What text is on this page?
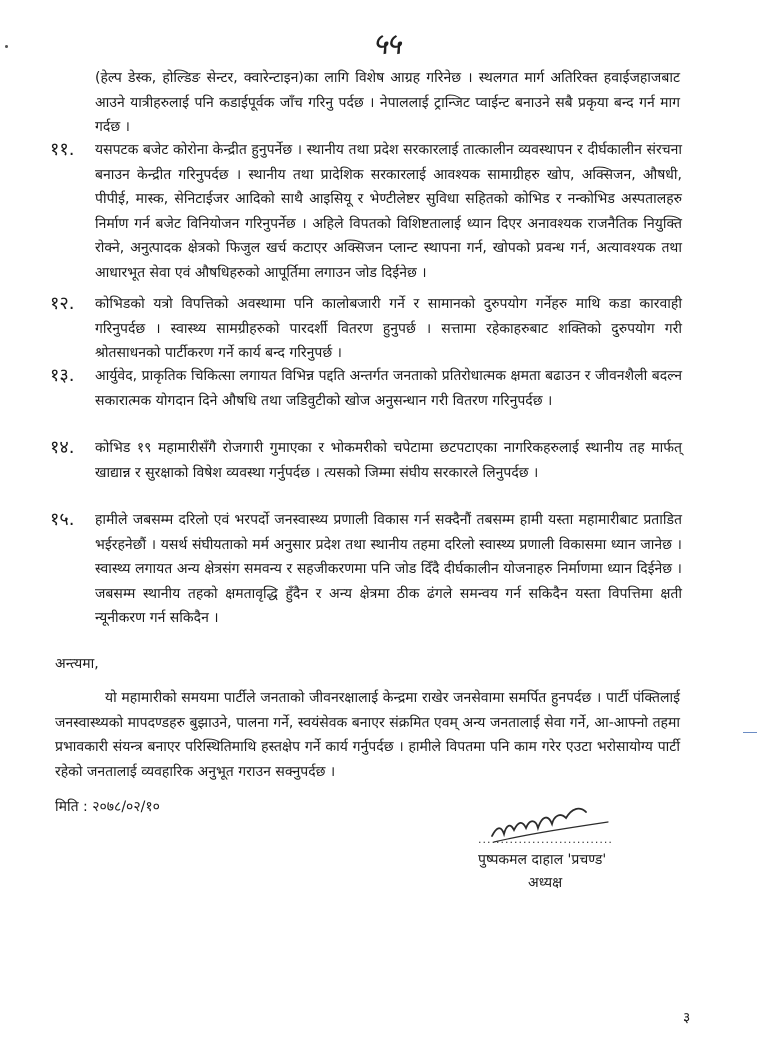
५५
(हेल्प डेस्क, होल्डिङ सेन्टर, क्वारेन्टाइन)का लागि विशेष आग्रह गरिनेछ । स्थलगत मार्ग अतिरिक्त हवाईजहाजबाट आउने यात्रीहरुलाई पनि कडाईपूर्वक जाँच गरिनु पर्दछ । नेपाललाई ट्रान्जिट प्वाईन्ट बनाउने सबै प्रकृया बन्द गर्न माग गर्दछ ।
११.	यसपटक बजेट कोरोना केन्द्रीत हुनुपर्नेछ । स्थानीय तथा प्रदेश सरकारलाई तात्कालीन व्यवस्थापन र दीर्घकालीन संरचना बनाउन केन्द्रीत गरिनुपर्दछ । स्थानीय तथा प्रादेशिक सरकारलाई आवश्यक सामाग्रीहरु खोप, अक्सिजन, औषधी, पीपीई, मास्क, सेनिटाईजर आदिको साथै आइसियू र भेण्टीलेष्टर सुविधा सहितको कोभिड र नन्कोभिड अस्पतालहरु निर्माण गर्न बजेट विनियोजन गरिनुपर्नेछ । अहिले विपतको विशिष्टतालाई ध्यान दिएर अनावश्यक राजनैतिक नियुक्ति रोक्ने, अनुत्पादक क्षेत्रको फिजुल खर्च कटाएर अक्सिजन प्लान्ट स्थापना गर्न, खोपको प्रवन्ध गर्न, अत्यावश्यक तथा आधारभूत सेवा एवं औषधिहरुको आपूर्तिमा लगाउन जोड दिईनेछ ।
१२.	कोभिडको यत्रो विपत्तिको अवस्थामा पनि कालोबजारी गर्ने र सामानको दुरुपयोग गर्नेहरु माथि कडा कारवाही गरिनुपर्दछ । स्वास्थ्य सामग्रीहरुको पारदर्शी वितरण हुनुपर्छ । सत्तामा रहेकाहरुबाट शक्तिको दुरुपयोग गरी श्रोतसाधनको पार्टीकरण गर्ने कार्य बन्द गरिनुपर्छ ।
१३.	आर्युवेद, प्राकृतिक चिकित्सा लगायत विभिन्न पद्दति अन्तर्गत जनताको प्रतिरोधात्मक क्षमता बढाउन र जीवनशैली बदल्न सकारात्मक योगदान दिने औषधि तथा जडिवुटीको खोज अनुसन्धान गरी वितरण गरिनुपर्दछ ।
१४.	कोभिड १९ महामारीसँगै रोजगारी गुमाएका र भोकमरीको चपेटामा छटपटाएका नागरिकहरुलाई स्थानीय तह मार्फत् खाद्यान्न र सुरक्षाको विषेश व्यवस्था गर्नुपर्दछ । त्यसको जिम्मा संघीय सरकारले लिनुपर्दछ ।
१५.	हामीले जबसम्म दरिलो एवं भरपर्दो जनस्वास्थ्य प्रणाली विकास गर्न सक्दैनौं तबसम्म हामी यस्ता महामारीबाट प्रताडित भईरहनेछौं । यसर्थ संघीयताको मर्म अनुसार प्रदेश तथा स्थानीय तहमा दरिलो स्वास्थ्य प्रणाली विकासमा ध्यान जानेछ । स्वास्थ्य लगायत अन्य क्षेत्रसंग समवन्य र सहजीकरणमा पनि जोड दिँदै दीर्घकालीन योजनाहरु निर्माणमा ध्यान दिईनेछ । जबसम्म स्थानीय तहको क्षमतावृद्धि हुँदैन र अन्य क्षेत्रमा ठीक ढंगले समन्वय गर्न सकिदैन यस्ता विपत्तिमा क्षती न्यूनीकरण गर्न सकिदैन ।
अन्त्यमा,
यो महामारीको समयमा पार्टीले जनताको जीवनरक्षालाई केन्द्रमा राखेर जनसेवामा समर्पित हुनपर्दछ । पार्टी पंक्तिलाई जनस्वास्थ्यको मापदण्डहरु बुझाउने, पालना गर्ने, स्वयंसेवक बनाएर संक्रमित एवम् अन्य जनतालाई सेवा गर्ने, आ-आफ्नो तहमा प्रभावकारी संयन्त्र बनाएर परिस्थितिमाथि हस्तक्षेप गर्ने कार्य गर्नुपर्दछ । हामीले विपतमा पनि काम गरेर एउटा भरोसायोग्य पार्टी रहेको जनतालाई व्यवहारिक अनुभूत गराउन सक्नुपर्दछ ।
मिति : २०७८/०२/१०
..............................
पुष्पकमल दाहाल 'प्रचण्ड'
अध्यक्ष
३
